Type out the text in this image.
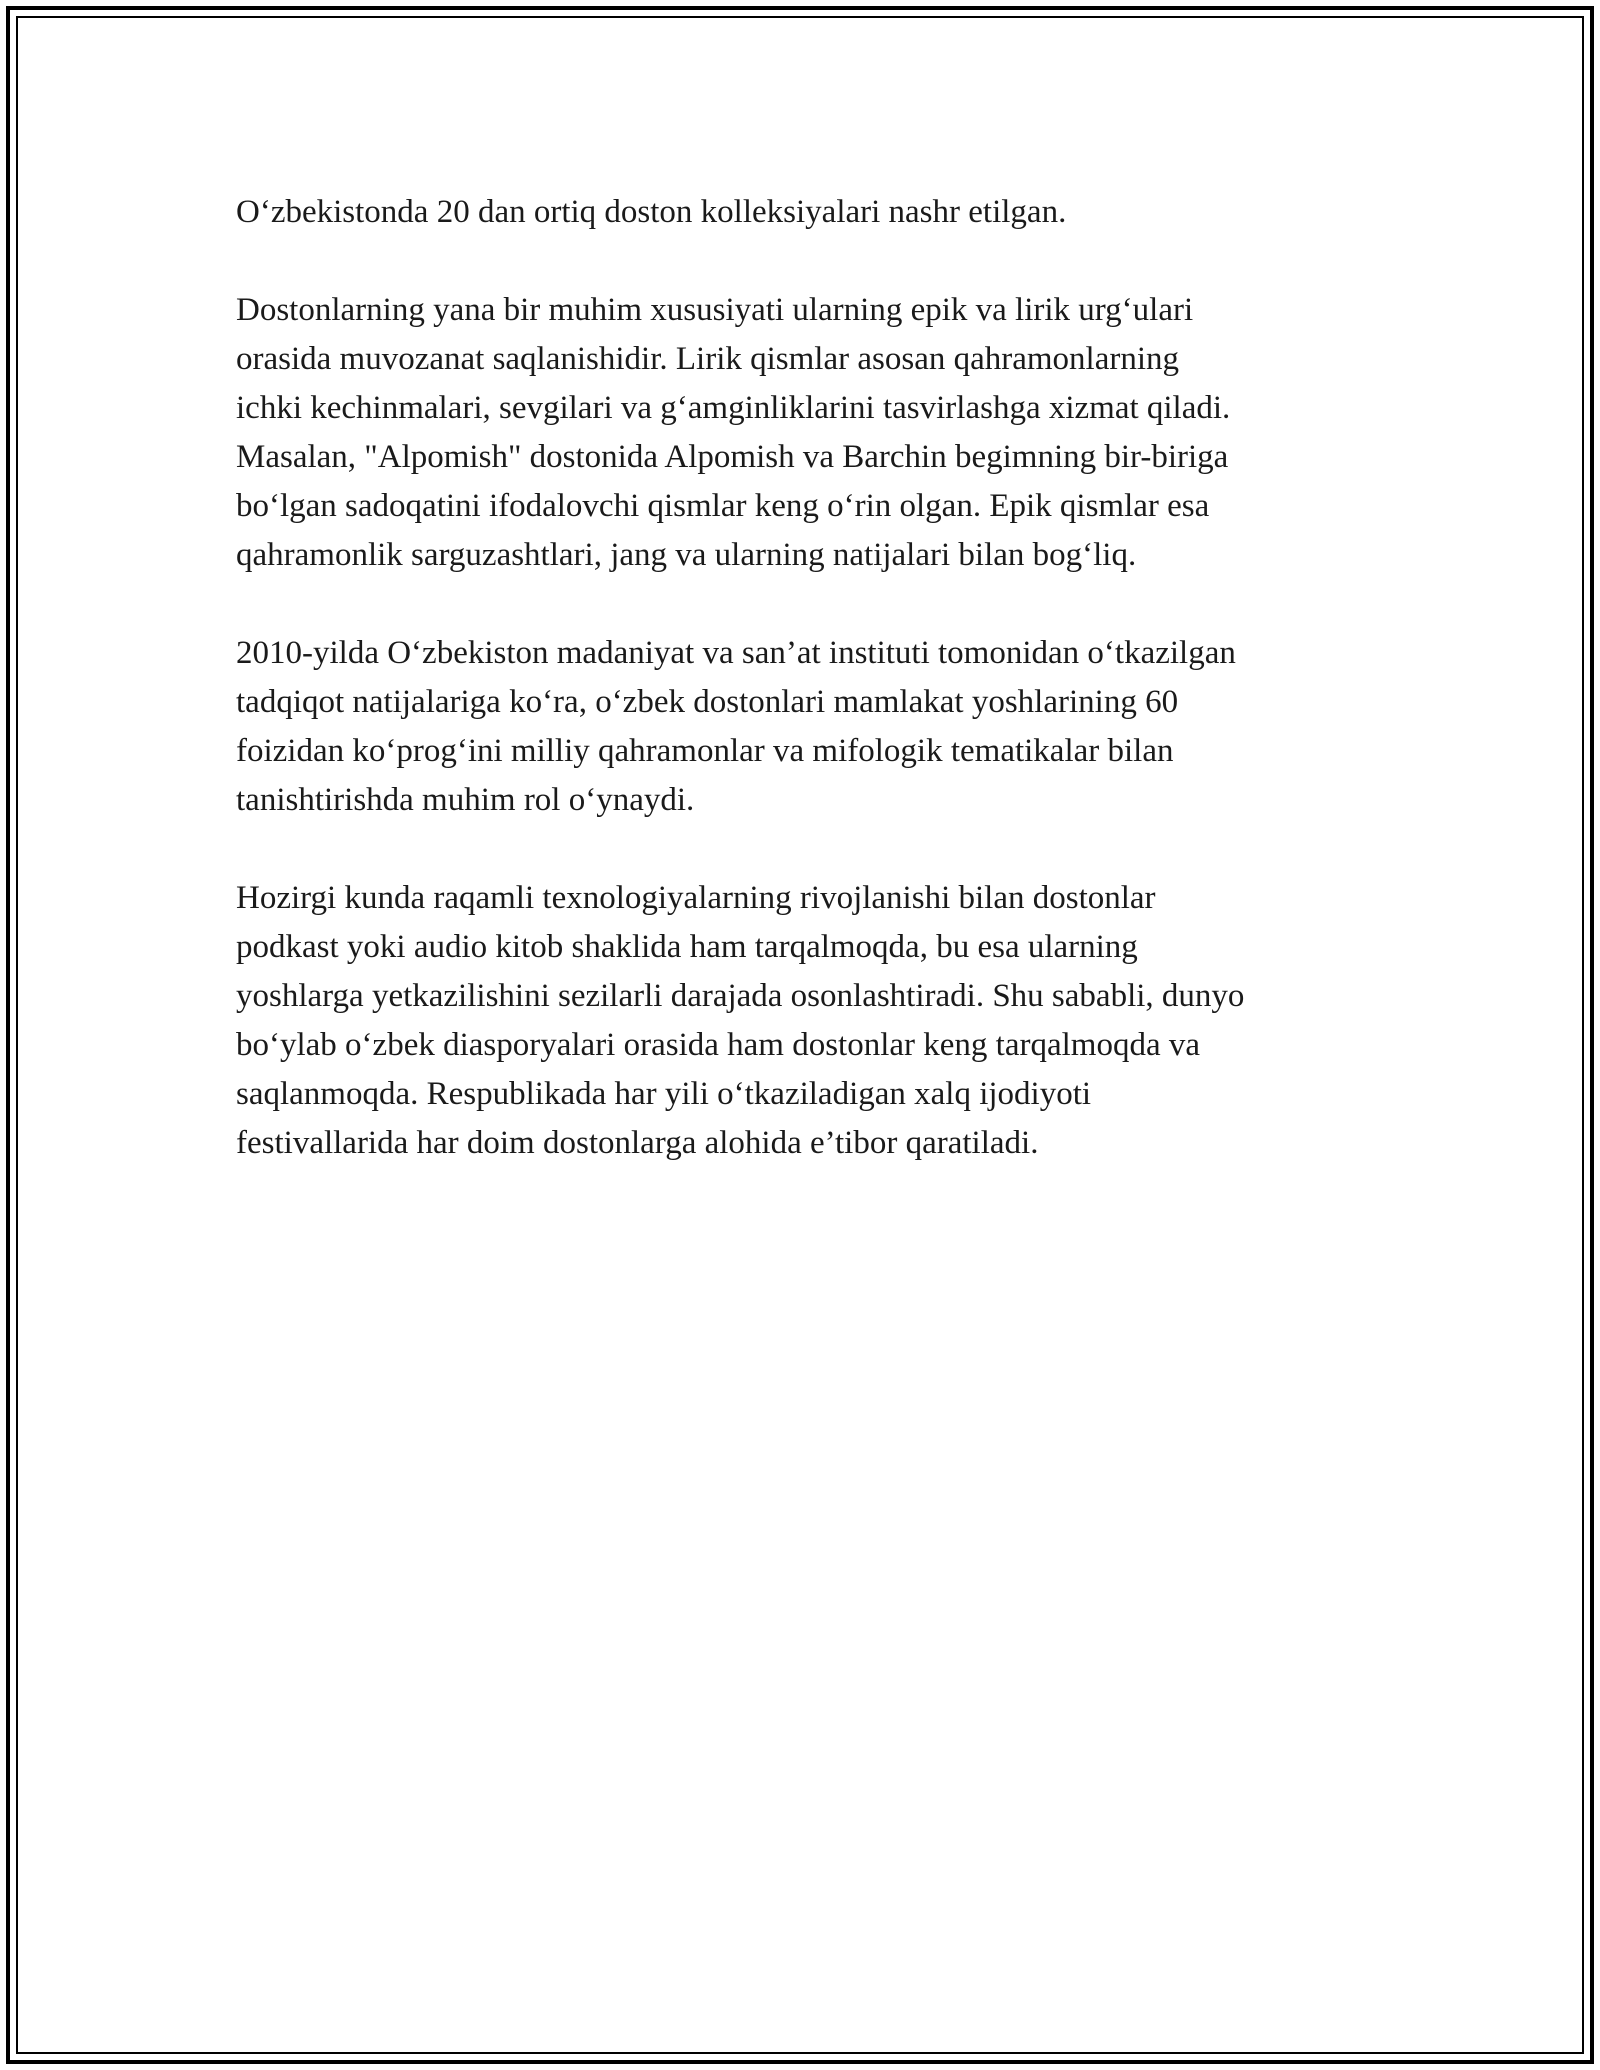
O‘zbekistonda 20 dan ortiq doston kolleksiyalari nashr etilgan.

Dostonlarning yana bir muhim xususiyati ularning epik va lirik urg‘ulari
orasida muvozanat saqlanishidir. Lirik qismlar asosan qahramonlarning
ichki kechinmalari, sevgilari va g‘amginliklarini tasvirlashga xizmat qiladi.
Masalan, "Alpomish" dostonida Alpomish va Barchin begimning bir-biriga
bo‘lgan sadoqatini ifodalovchi qismlar keng o‘rin olgan. Epik qismlar esa
qahramonlik sarguzashtlari, jang va ularning natijalari bilan bog‘liq.

2010-yilda O‘zbekiston madaniyat va san’at instituti tomonidan o‘tkazilgan
tadqiqot natijalariga ko‘ra, o‘zbek dostonlari mamlakat yoshlarining 60
foizidan ko‘prog‘ini milliy qahramonlar va mifologik tematikalar bilan
tanishtirishda muhim rol o‘ynaydi.

Hozirgi kunda raqamli texnologiyalarning rivojlanishi bilan dostonlar
podkast yoki audio kitob shaklida ham tarqalmoqda, bu esa ularning
yoshlarga yetkazilishini sezilarli darajada osonlashtiradi. Shu sababli, dunyo
bo‘ylab o‘zbek diasporyalari orasida ham dostonlar keng tarqalmoqda va
saqlanmoqda. Respublikada har yili o‘tkaziladigan xalq ijodiyoti
festivallarida har doim dostonlarga alohida e’tibor qaratiladi.
